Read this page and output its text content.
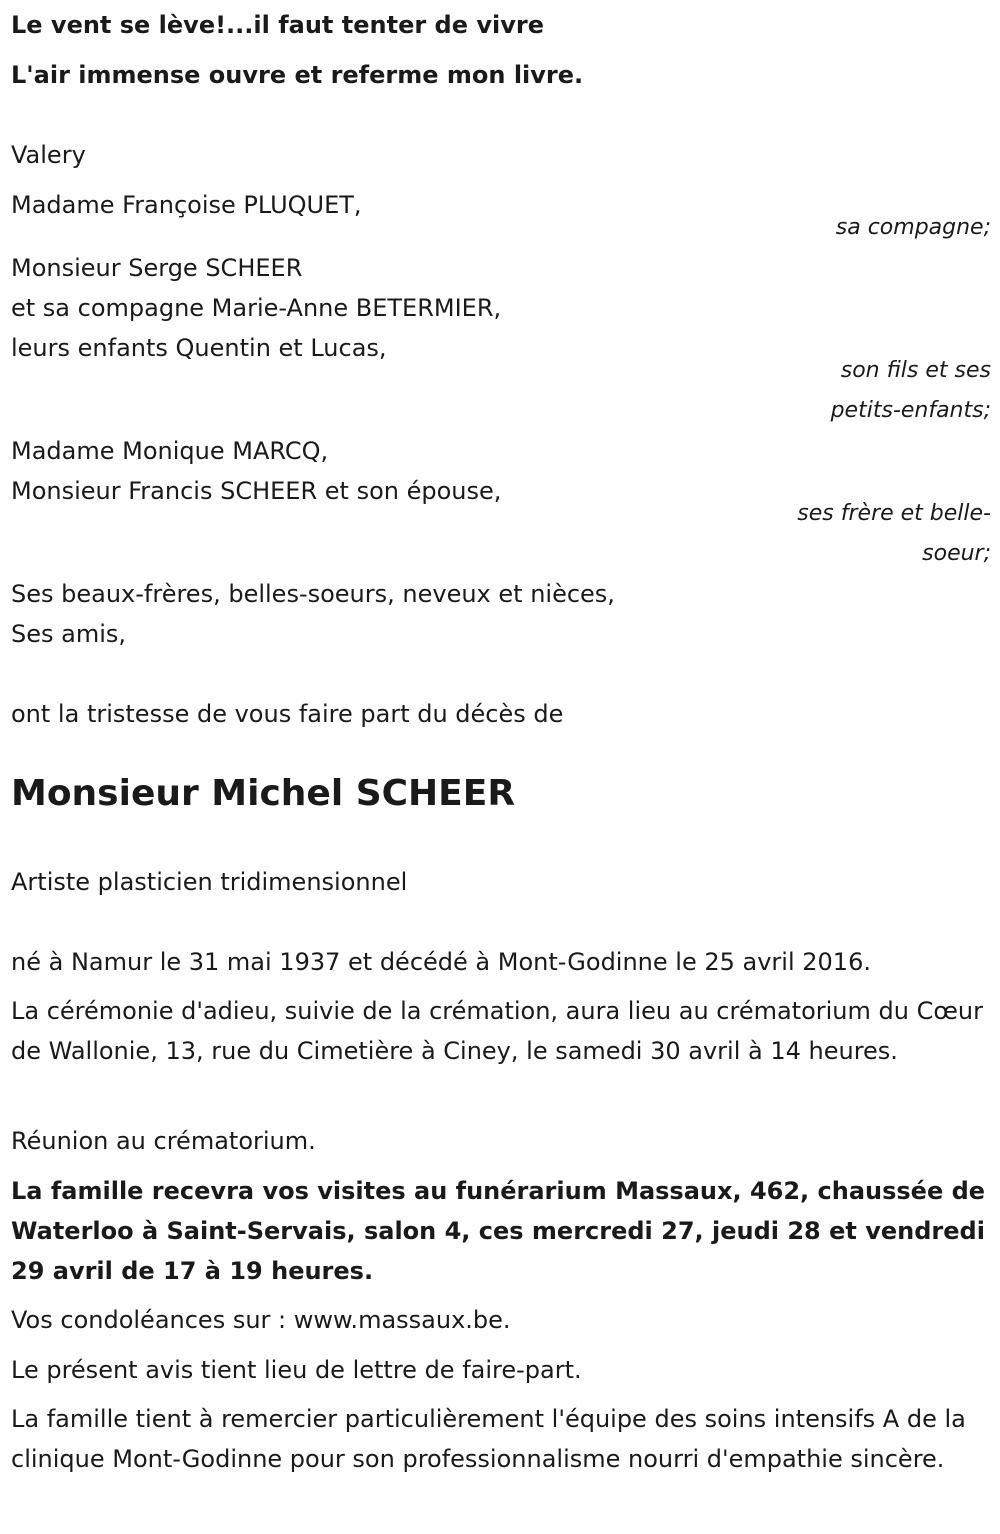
Le vent se lève!...il faut tenter de vivre
L'air immense ouvre et referme mon livre.
Valery
Madame Françoise PLUQUET,
sa compagne;
Monsieur Serge SCHEER
et sa compagne Marie-Anne BETERMIER,
leurs enfants Quentin et Lucas,
son fils et ses
petits-enfants;
Madame Monique MARCQ,
Monsieur Francis SCHEER et son épouse,
ses frère et belle-
soeur;
Ses beaux-frères, belles-soeurs, neveux et nièces,
Ses amis,
ont la tristesse de vous faire part du décès de
Monsieur Michel SCHEER
Artiste plasticien tridimensionnel
né à Namur le 31 mai 1937 et décédé à Mont-Godinne le 25 avril 2016.
La cérémonie d'adieu, suivie de la crémation, aura lieu au crématorium du Cœur de Wallonie, 13, rue du Cimetière à Ciney, le samedi 30 avril à 14 heures.
Réunion au crématorium.
La famille recevra vos visites au funérarium Massaux, 462, chaussée de Waterloo à Saint-Servais, salon 4, ces mercredi 27, jeudi 28 et vendredi 29 avril de 17 à 19 heures.
Vos condoléances sur : www.massaux.be.
Le présent avis tient lieu de lettre de faire-part.
La famille tient à remercier particulièrement l'équipe des soins intensifs A de la clinique Mont-Godinne pour son professionnalisme nourri d'empathie sincère.
